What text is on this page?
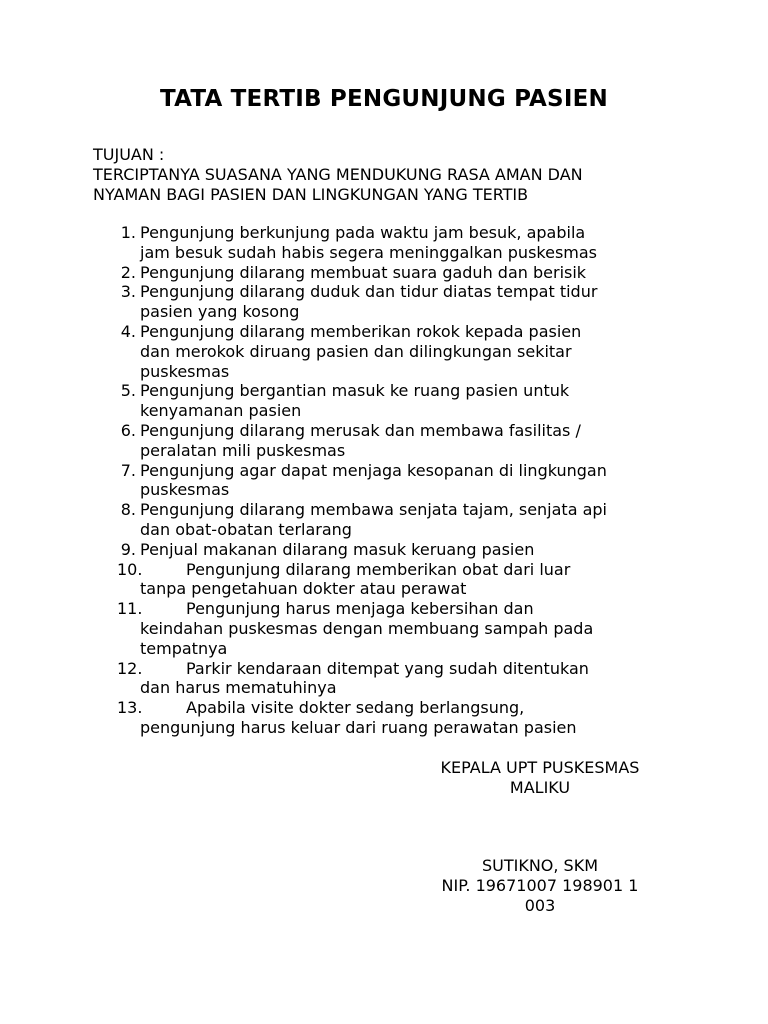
TATA TERTIB PENGUNJUNG PASIEN
TUJUAN :
TERCIPTANYA SUASANA YANG MENDUKUNG RASA AMAN DAN
NYAMAN BAGI PASIEN DAN LINGKUNGAN YANG TERTIB
1. Pengunjung berkunjung pada waktu jam besuk, apabila
jam besuk sudah habis segera meninggalkan puskesmas
2. Pengunjung dilarang membuat suara gaduh dan berisik
3. Pengunjung dilarang duduk dan tidur diatas tempat tidur
pasien yang kosong
4. Pengunjung dilarang memberikan rokok kepada pasien
dan merokok diruang pasien dan dilingkungan sekitar
puskesmas
5. Pengunjung bergantian masuk ke ruang pasien untuk
kenyamanan pasien
6. Pengunjung dilarang merusak dan membawa fasilitas /
peralatan mili puskesmas
7. Pengunjung agar dapat menjaga kesopanan di lingkungan
puskesmas
8. Pengunjung dilarang membawa senjata tajam, senjata api
dan obat-obatan terlarang
9. Penjual makanan dilarang masuk keruang pasien
10.	Pengunjung dilarang memberikan obat dari luar
tanpa pengetahuan dokter atau perawat
11.	Pengunjung harus menjaga kebersihan dan
keindahan puskesmas dengan membuang sampah pada
tempatnya
12.	Parkir kendaraan ditempat yang sudah ditentukan
dan harus mematuhinya
13.	Apabila visite dokter sedang berlangsung,
pengunjung harus keluar dari ruang perawatan pasien
KEPALA UPT PUSKESMAS
MALIKU
SUTIKNO, SKM
NIP. 19671007 198901 1
003
